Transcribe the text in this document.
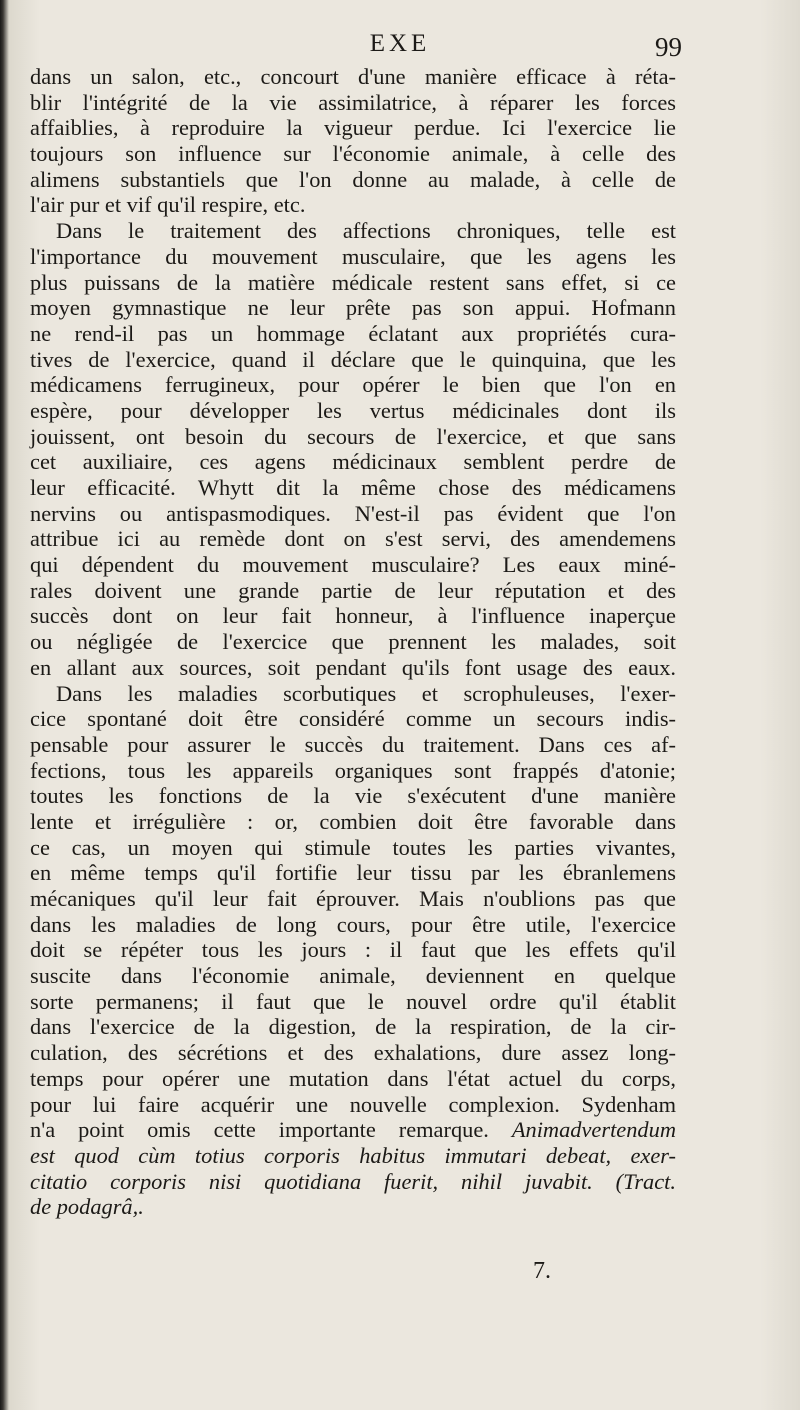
EXE	99
dans un salon, etc., concourt d'une manière efficace à réta-
blir l'intégrité de la vie assimilatrice, à réparer les forces
affaiblies, à reproduire la vigueur perdue. Ici l'exercice lie
toujours son influence sur l'économie animale, à celle des
alimens substantiels que l'on donne au malade, à celle de
l'air pur et vif qu'il respire, etc.
Dans le traitement des affections chroniques, telle est
l'importance du mouvement musculaire, que les agens les
plus puissans de la matière médicale restent sans effet, si ce
moyen gymnastique ne leur prête pas son appui. Hofmann
ne rend-il pas un hommage éclatant aux propriétés cura-
tives de l'exercice, quand il déclare que le quinquina, que les
médicamens ferrugineux, pour opérer le bien que l'on en
espère, pour développer les vertus médicinales dont ils
jouissent, ont besoin du secours de l'exercice, et que sans
cet auxiliaire, ces agens médicinaux semblent perdre de
leur efficacité. Whytt dit la même chose des médicamens
nervins ou antispasmodiques. N'est-il pas évident que l'on
attribue ici au remède dont on s'est servi, des amendemens
qui dépendent du mouvement musculaire? Les eaux miné-
rales doivent une grande partie de leur réputation et des
succès dont on leur fait honneur, à l'influence inaperçue
ou négligée de l'exercice que prennent les malades, soit
en allant aux sources, soit pendant qu'ils font usage des eaux.
Dans les maladies scorbutiques et scrophuleuses, l'exer-
cice spontané doit être considéré comme un secours indis-
pensable pour assurer le succès du traitement. Dans ces af-
fections, tous les appareils organiques sont frappés d'atonie;
toutes les fonctions de la vie s'exécutent d'une manière
lente et irrégulière : or, combien doit être favorable dans
ce cas, un moyen qui stimule toutes les parties vivantes,
en même temps qu'il fortifie leur tissu par les ébranlemens
mécaniques qu'il leur fait éprouver. Mais n'oublions pas que
dans les maladies de long cours, pour être utile, l'exercice
doit se répéter tous les jours : il faut que les effets qu'il
suscite dans l'économie animale, deviennent en quelque
sorte permanens; il faut que le nouvel ordre qu'il établit
dans l'exercice de la digestion, de la respiration, de la cir-
culation, des sécrétions et des exhalations, dure assez long-
temps pour opérer une mutation dans l'état actuel du corps,
pour lui faire acquérir une nouvelle complexion. Sydenham
n'a point omis cette importante remarque. Animadvertendum
est quod cùm totius corporis habitus immutari debeat, exer-
citatio corporis nisi quotidiana fuerit, nihil juvabit. (Tract.
de podagrâ,.
7.
